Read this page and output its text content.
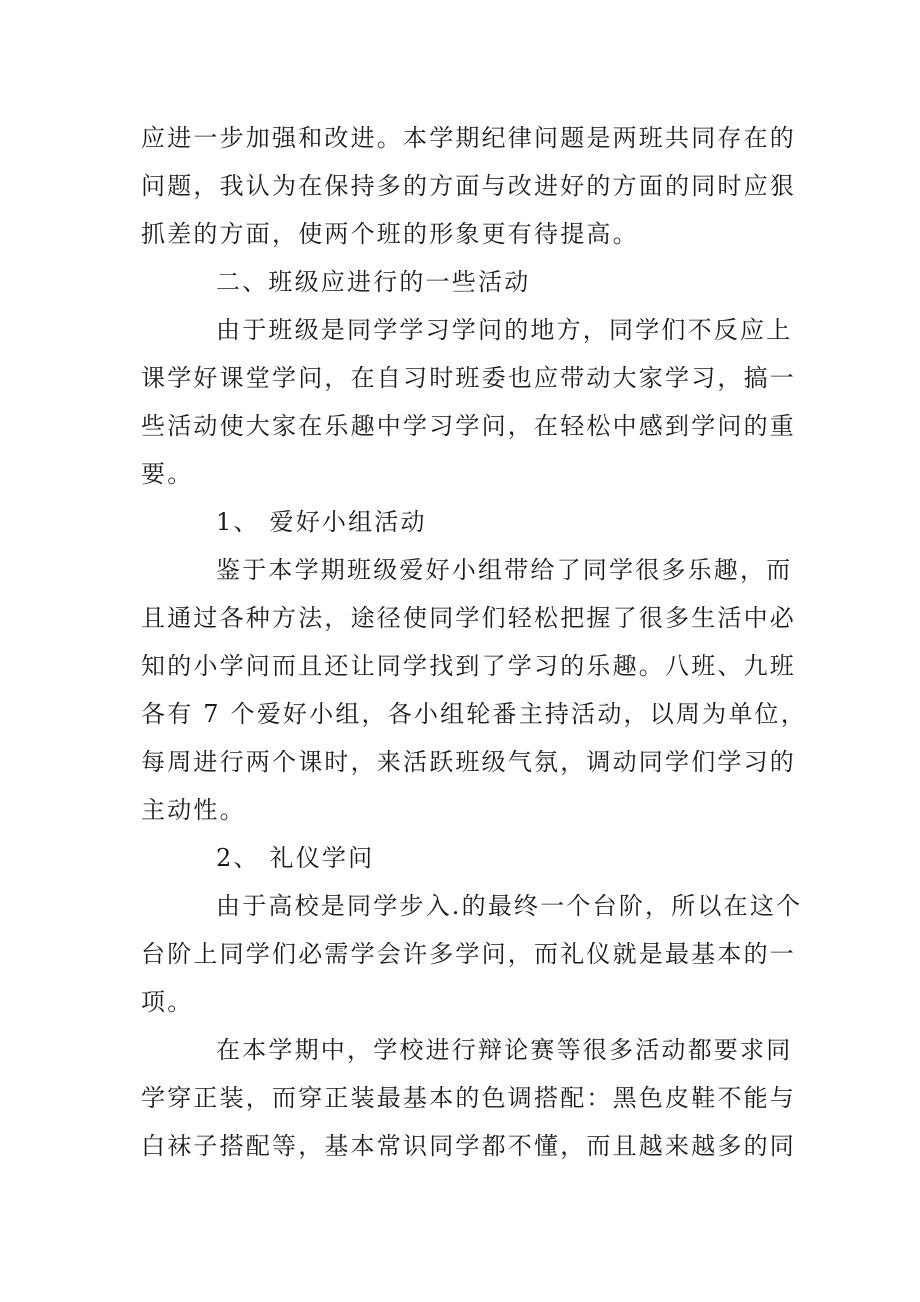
应进一步加强和改进。本学期纪律问题是两班共同存在的
问题，我认为在保持多的方面与改进好的方面的同时应狠
抓差的方面，使两个班的形象更有待提高。
二、班级应进行的一些活动
由于班级是同学学习学问的地方，同学们不反应上
课学好课堂学问，在自习时班委也应带动大家学习，搞一
些活动使大家在乐趣中学习学问，在轻松中感到学问的重
要。
1、 爱好小组活动
鉴于本学期班级爱好小组带给了同学很多乐趣，而
且通过各种方法，途径使同学们轻松把握了很多生活中必
知的小学问而且还让同学找到了学习的乐趣。八班、九班
各有 7 个爱好小组，各小组轮番主持活动，以周为单位，
每周进行两个课时，来活跃班级气氛，调动同学们学习的
主动性。
2、 礼仪学问
由于高校是同学步入.的最终一个台阶，所以在这个
台阶上同学们必需学会许多学问，而礼仪就是最基本的一
项。
在本学期中，学校进行辩论赛等很多活动都要求同
学穿正装，而穿正装最基本的色调搭配：黑色皮鞋不能与
白袜子搭配等，基本常识同学都不懂，而且越来越多的同
